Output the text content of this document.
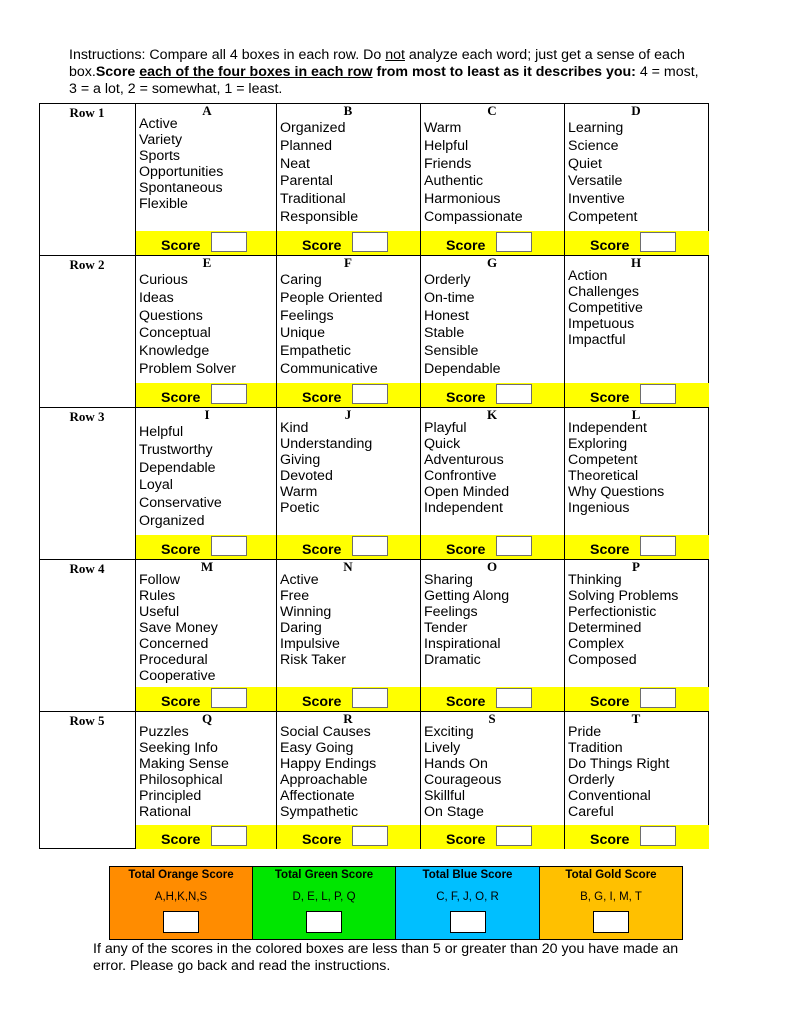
Instructions: Compare all 4 boxes in each row. Do not analyze each word; just get a sense of each box.Score each of the four boxes in each row from most to least as it describes you: 4 = most, 3 = a lot, 2 = somewhat, 1 = least.
Row 1	A
Active
Variety
Sports
Opportunities
Spontaneous
Flexible
Score
B
Organized
Planned
Neat
Parental
Traditional
Responsible
Score
C
Warm
Helpful
Friends
Authentic
Harmonious
Compassionate
Score
D
Learning
Science
Quiet
Versatile
Inventive
Competent
Score
Row 2	E
Curious
Ideas
Questions
Conceptual
Knowledge
Problem Solver
Score
F
Caring
People Oriented
Feelings
Unique
Empathetic
Communicative
Score
G
Orderly
On-time
Honest
Stable
Sensible
Dependable
Score
H
Action
Challenges
Competitive
Impetuous
Impactful
Score
Row 3	I
Helpful
Trustworthy
Dependable
Loyal
Conservative
Organized
Score
J
Kind
Understanding
Giving
Devoted
Warm
Poetic
Score
K
Playful
Quick
Adventurous
Confrontive
Open Minded
Independent
Score
L
Independent
Exploring
Competent
Theoretical
Why Questions
Ingenious
Score
Row 4	M
Follow
Rules
Useful
Save Money
Concerned
Procedural
Cooperative
Score
N
Active
Free
Winning
Daring
Impulsive
Risk Taker
Score
O
Sharing
Getting Along
Feelings
Tender
Inspirational
Dramatic
Score
P
Thinking
Solving Problems
Perfectionistic
Determined
Complex
Composed
Score
Row 5	Q
Puzzles
Seeking Info
Making Sense
Philosophical
Principled
Rational
Score
R
Social Causes
Easy Going
Happy Endings
Approachable
Affectionate
Sympathetic
Score
S
Exciting
Lively
Hands On
Courageous
Skillful
On Stage
Score
T
Pride
Tradition
Do Things Right
Orderly
Conventional
Careful
Score
Total Orange Score
A,H,K,N,S
Total Green Score
D, E, L, P, Q
Total Blue Score
C, F, J, O, R
Total Gold Score
B, G, I, M, T
If any of the scores in the colored boxes are less than 5 or greater than 20 you have made an error. Please go back and read the instructions.
